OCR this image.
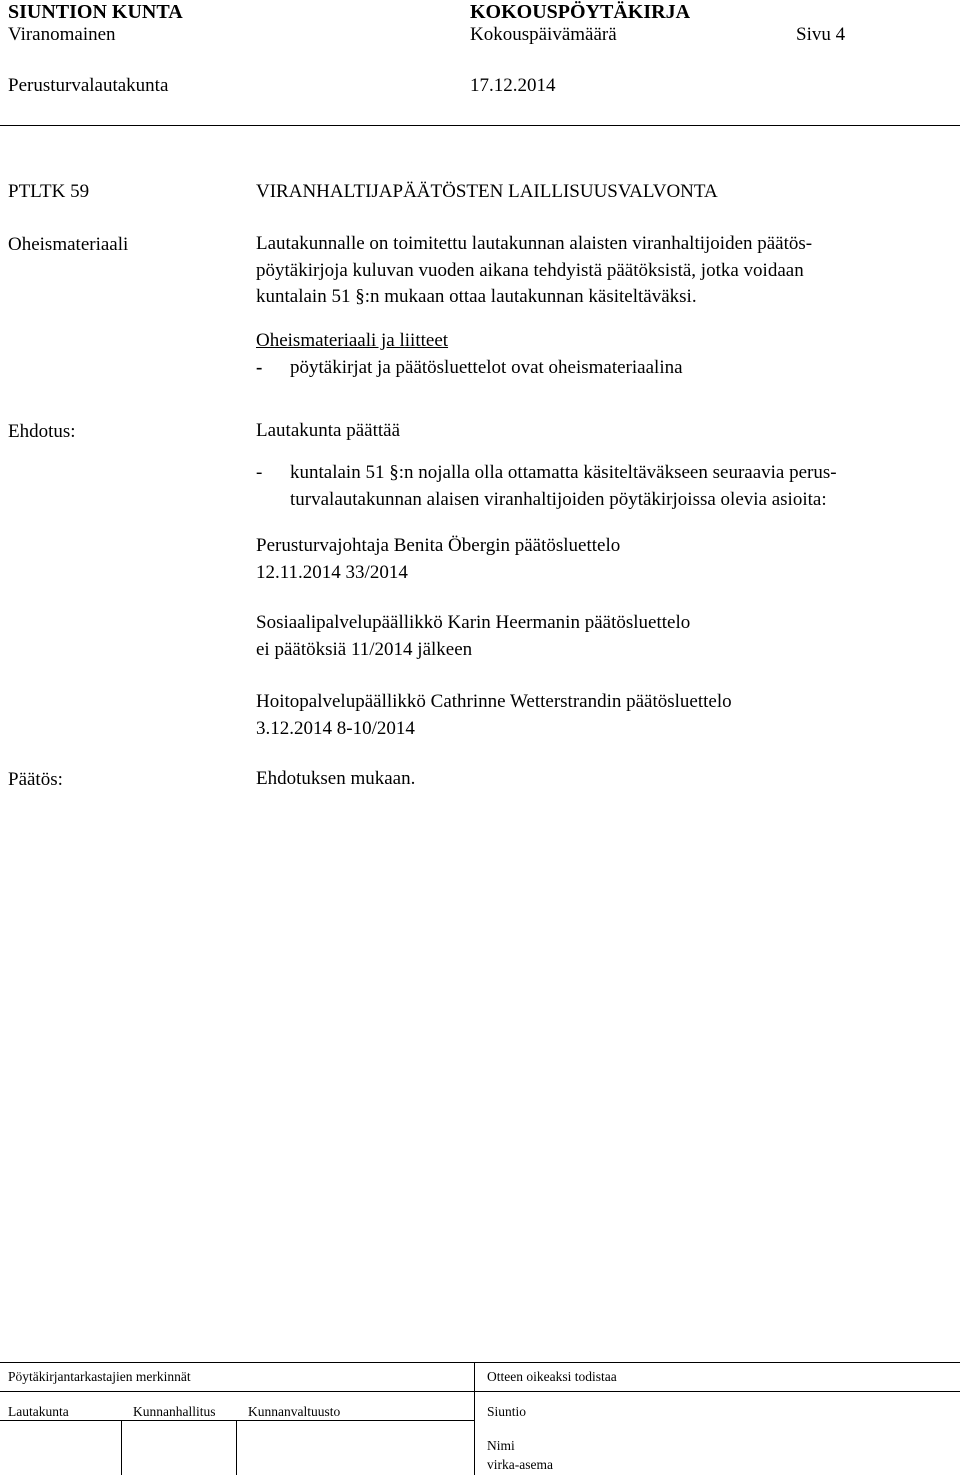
SIUNTION KUNTA	KOKOUSPÖYTÄKIRJA
Viranomainen	Kokouspäivämäärä	Sivu 4
Perusturvalautakunta	17.12.2014
PTLTK 59	VIRANHALTIJAPÄÄTÖSTEN LAILLISUUSVALVONTA
Oheismateriaali	Lautakunnalle on toimitettu lautakunnan alaisten viranhaltijoiden päätös-
pöytäkirjoja kuluvan vuoden aikana tehdyistä päätöksistä, jotka voidaan
kuntalain 51 §:n mukaan ottaa lautakunnan käsiteltäväksi.
Oheismateriaali ja liitteet
- pöytäkirjat ja päätösluettelot ovat oheismateriaalina
Ehdotus:	Lautakunta päättää
- kuntalain 51 §:n nojalla olla ottamatta käsiteltäväkseen seuraavia perus-
turvalautakunnan alaisen viranhaltijoiden pöytäkirjoissa olevia asioita:
Perusturvajohtaja Benita Öbergin päätösluettelo
12.11.2014 33/2014
Sosiaalipalvelupäällikkö Karin Heermanin päätösluettelo
ei päätöksiä 11/2014 jälkeen
Hoitopalvelupäällikkö Cathrinne Wetterstrandin päätösluettelo
3.12.2014 8-10/2014
Päätös:	Ehdotuksen mukaan.
Pöytäkirjantarkastajien merkinnät	Otteen oikeaksi todistaa
Lautakunta	Kunnanhallitus Kunnanvaltuusto	Siuntio
Nimi
virka-asema
